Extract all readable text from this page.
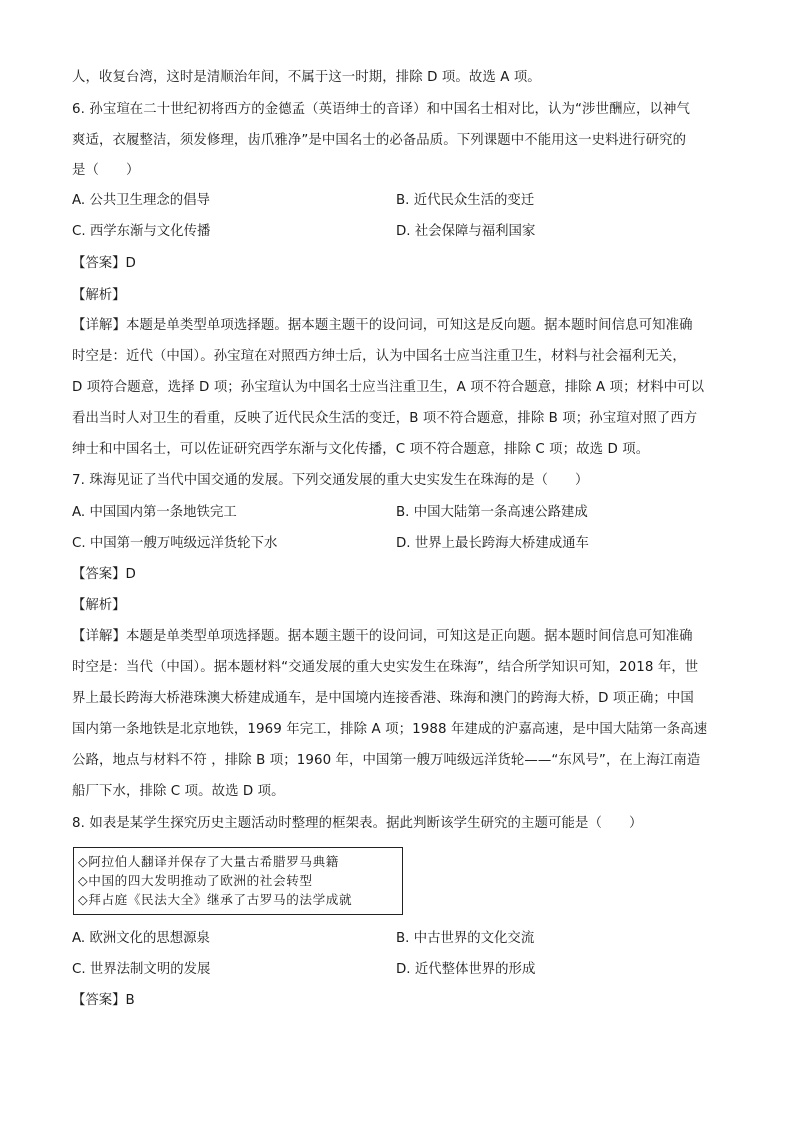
人，收复台湾，这时是清顺治年间，不属于这一时期，排除 D 项。故选 A 项。
6. 孙宝瑄在二十世纪初将西方的金德孟（英语绅士的音译）和中国名士相对比，认为“涉世酬应，以神气
爽适，衣履整洁，须发修理，齿爪雅净”是中国名士的必备品质。下列课题中不能用这一史料进行研究的
是（　　）
A. 公共卫生理念的倡导	B. 近代民众生活的变迁
C. 西学东渐与文化传播	D. 社会保障与福利国家
【答案】D
【解析】
【详解】本题是单类型单项选择题。据本题主题干的设问词，可知这是反向题。据本题时间信息可知准确
时空是：近代（中国）。孙宝瑄在对照西方绅士后，认为中国名士应当注重卫生，材料与社会福利无关，
D 项符合题意，选择 D 项；孙宝瑄认为中国名士应当注重卫生，A 项不符合题意，排除 A 项；材料中可以
看出当时人对卫生的看重，反映了近代民众生活的变迁，B 项不符合题意，排除 B 项；孙宝瑄对照了西方
绅士和中国名士，可以佐证研究西学东渐与文化传播，C 项不符合题意，排除 C 项；故选 D 项。
7. 珠海见证了当代中国交通的发展。下列交通发展的重大史实发生在珠海的是（　　）
A. 中国国内第一条地铁完工	B. 中国大陆第一条高速公路建成
C. 中国第一艘万吨级远洋货轮下水	D. 世界上最长跨海大桥建成通车
【答案】D
【解析】
【详解】本题是单类型单项选择题。据本题主题干的设问词，可知这是正向题。据本题时间信息可知准确
时空是：当代（中国）。据本题材料“交通发展的重大史实发生在珠海”，结合所学知识可知，2018 年，世
界上最长跨海大桥港珠澳大桥建成通车，是中国境内连接香港、珠海和澳门的跨海大桥，D 项正确；中国
国内第一条地铁是北京地铁，1969 年完工，排除 A 项；1988 年建成的沪嘉高速，是中国大陆第一条高速
公路，地点与材料不符 ，排除 B 项；1960 年，中国第一艘万吨级远洋货轮——“东风号”，在上海江南造
船厂下水，排除 C 项。故选 D 项。
8. 如表是某学生探究历史主题活动时整理的框架表。据此判断该学生研究的主题可能是（　　）
◇阿拉伯人翻译并保存了大量古希腊罗马典籍
◇中国的四大发明推动了欧洲的社会转型
◇拜占庭《民法大全》继承了古罗马的法学成就
A. 欧洲文化的思想源泉	B. 中古世界的文化交流
C. 世界法制文明的发展	D. 近代整体世界的形成
【答案】B
